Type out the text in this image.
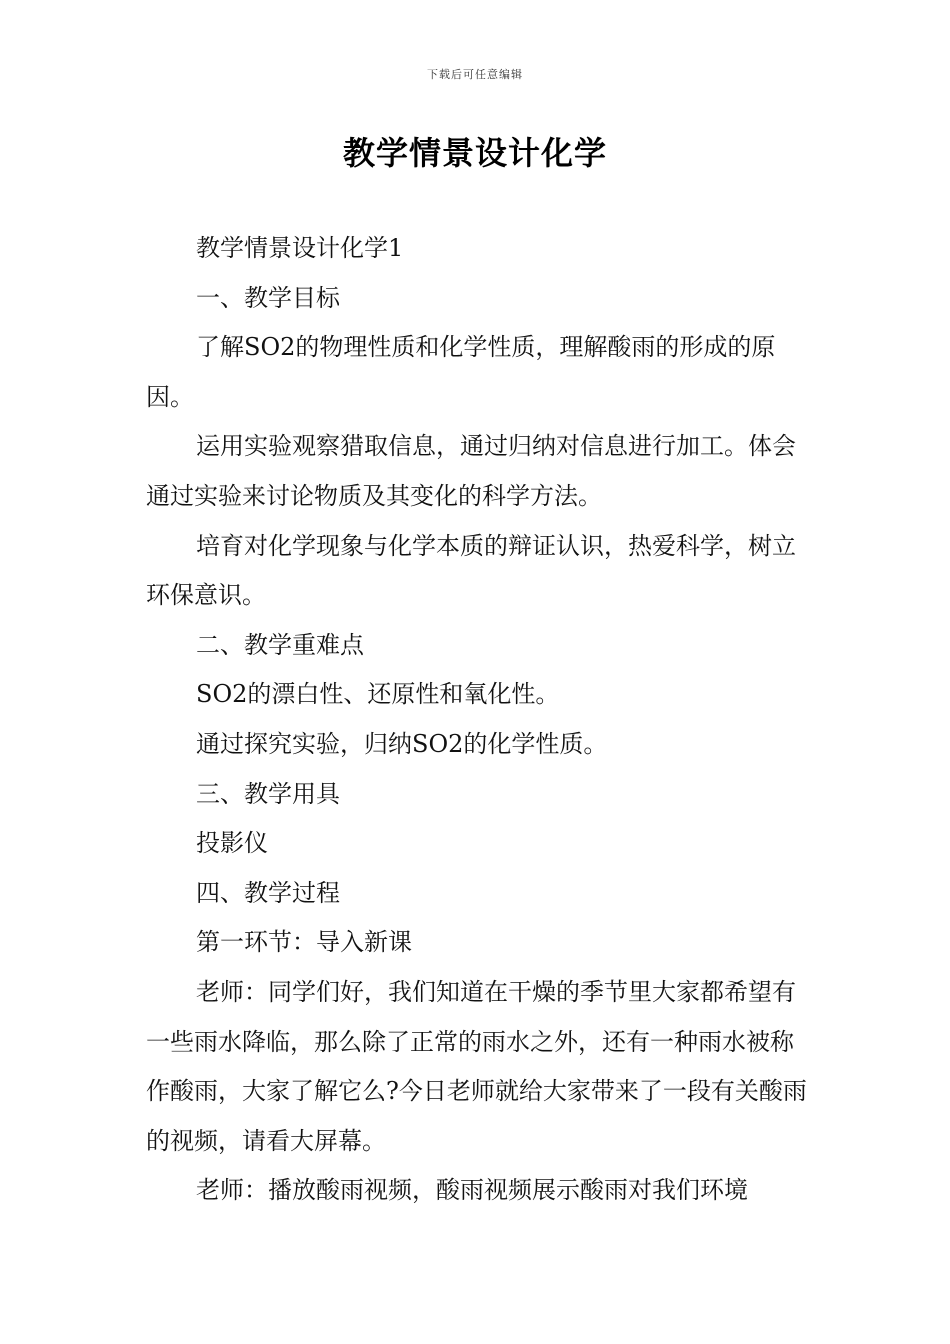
下载后可任意编辑
教学情景设计化学

教学情景设计化学1

一、教学目标

了解SO2的物理性质和化学性质，理解酸雨的形成的原因。

运用实验观察猎取信息，通过归纳对信息进行加工。体会通过实验来讨论物质及其变化的科学方法。

培育对化学现象与化学本质的辩证认识，热爱科学，树立环保意识。

二、教学重难点

SO2的漂白性、还原性和氧化性。

通过探究实验，归纳SO2的化学性质。

三、教学用具

投影仪

四、教学过程

第一环节：导入新课

老师：同学们好，我们知道在干燥的季节里大家都希望有一些雨水降临，那么除了正常的雨水之外，还有一种雨水被称作酸雨，大家了解它么?今日老师就给大家带来了一段有关酸雨的视频，请看大屏幕。

老师：播放酸雨视频，酸雨视频展示酸雨对我们环境
